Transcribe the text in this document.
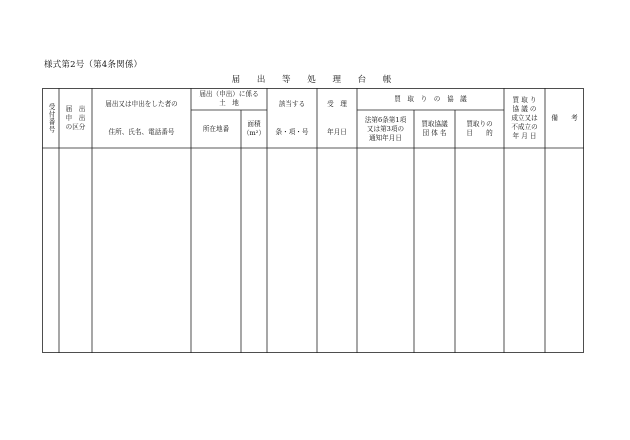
様式第2号（第4条関係）
届 出 等 処 理 台 帳
受付番号	届　出
申　出
の区分
届出又は申出をした者の
住所、氏名、電話番号
届出（申出）に係る
土　地
所在地番
面積
（m²）
該当する
条・項・号
受　理
年月日
買　取　り　の　協　議
法第6条第1項
又は第3項の
通知年月日
買取協議
団 体 名
買取りの
目　　的
買 取 り
協 議 の
成立又は
不成立の
年 月 日
備　　考
